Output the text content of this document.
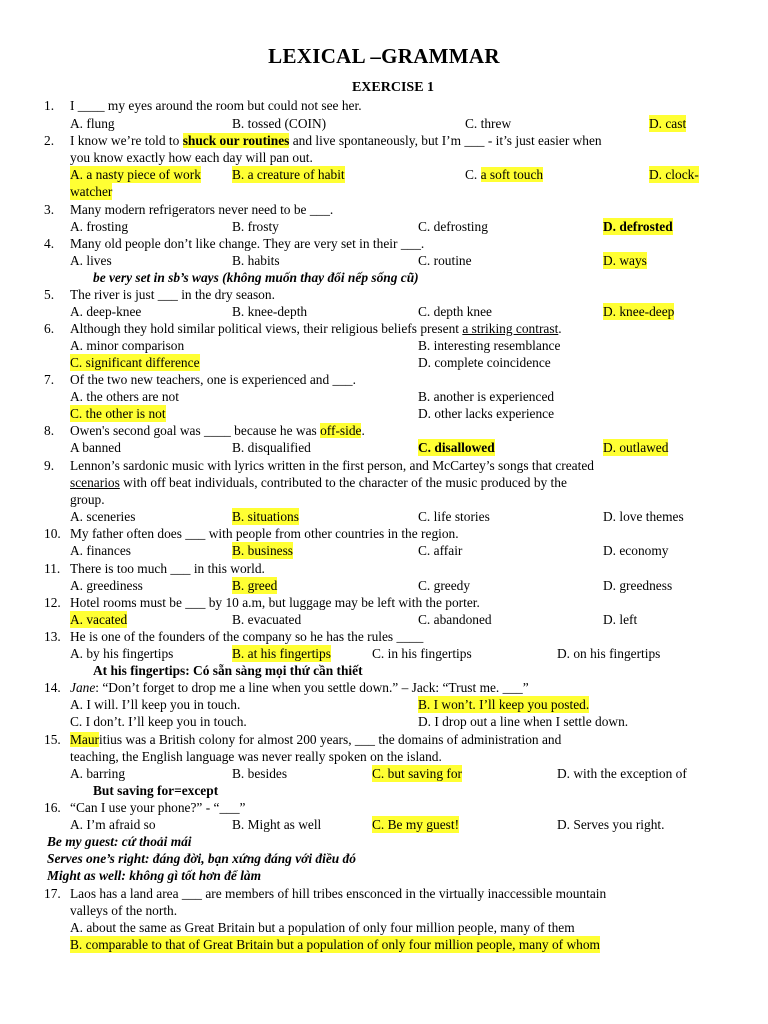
LEXICAL –GRAMMAR
EXERCISE 1
1. I ____ my eyes around the room but could not see her.
A. flung	B. tossed (COIN)	C. threw	D. cast
2. I know we’re told to shuck our routines and live spontaneously, but I’m ___ - it’s just easier when
you know exactly how each day will pan out.
A. a nasty piece of work B. a creature of habit	C. a soft touch	D. clock-
watcher
3. Many modern refrigerators never need to be ___.
A. frosting	B. frosty	C. defrosting	D. defrosted
4. Many old people don’t like change. They are very set in their ___.
A. lives	B. habits	C. routine	D. ways
be very set in sb’s ways (không muốn thay đổi nếp sống cũ)
5. The river is just ___ in the dry season.
A. deep-knee	B. knee-depth	C. depth knee	D. knee-deep
6. Although they hold similar political views, their religious beliefs present a striking contrast.
A. minor comparison	B. interesting resemblance
C. significant difference	D. complete coincidence
7. Of the two new teachers, one is experienced and ___.
A. the others are not	B. another is experienced
C. the other is not	D. other lacks experience
8. Owen's second goal was ____ because he was off-side.
A banned	B. disqualified	C. disallowed	D. outlawed
9. Lennon’s sardonic music with lyrics written in the first person, and McCartey’s songs that created
scenarios with off beat individuals, contributed to the character of the music produced by the
group.
A. sceneries	B. situations	C. life stories	D. love themes
10. My father often does ___ with people from other countries in the region.
A. finances	B. business	C. affair	D. economy
11. There is too much ___ in this world.
A. greediness	B. greed	C. greedy	D. greedness
12. Hotel rooms must be ___ by 10 a.m, but luggage may be left with the porter.
A. vacated	B. evacuated	C. abandoned	D. left
13. He is one of the founders of the company so he has the rules ____
A. by his fingertips	B. at his fingertips	C. in his fingertips	D. on his fingertips
At his fingertips: Có sẵn sàng mọi thứ cần thiết
14. Jane: “Don’t forget to drop me a line when you settle down.” – Jack: “Trust me. ___”
A. I will. I’ll keep you in touch.	B. I won’t. I’ll keep you posted.
C. I don’t. I’ll keep you in touch.	D. I drop out a line when I settle down.
15. Mauritius was a British colony for almost 200 years, ___ the domains of administration and
teaching, the English language was never really spoken on the island.
A. barring	B. besides	C. but saving for	D. with the exception of
But saving for=except
16. “Can I use your phone?” - “___”
A. I’m afraid so	B. Might as well	C. Be my guest!	D. Serves you right.
Be my guest: cứ thoải mái
Serves one’s right: đáng đời, bạn xứng đáng với điều đó
Might as well: không gì tốt hơn để làm
17. Laos has a land area ___ are members of hill tribes ensconced in the virtually inaccessible mountain
valleys of the north.
A. about the same as Great Britain but a population of only four million people, many of them
B. comparable to that of Great Britain but a population of only four million people, many of whom
